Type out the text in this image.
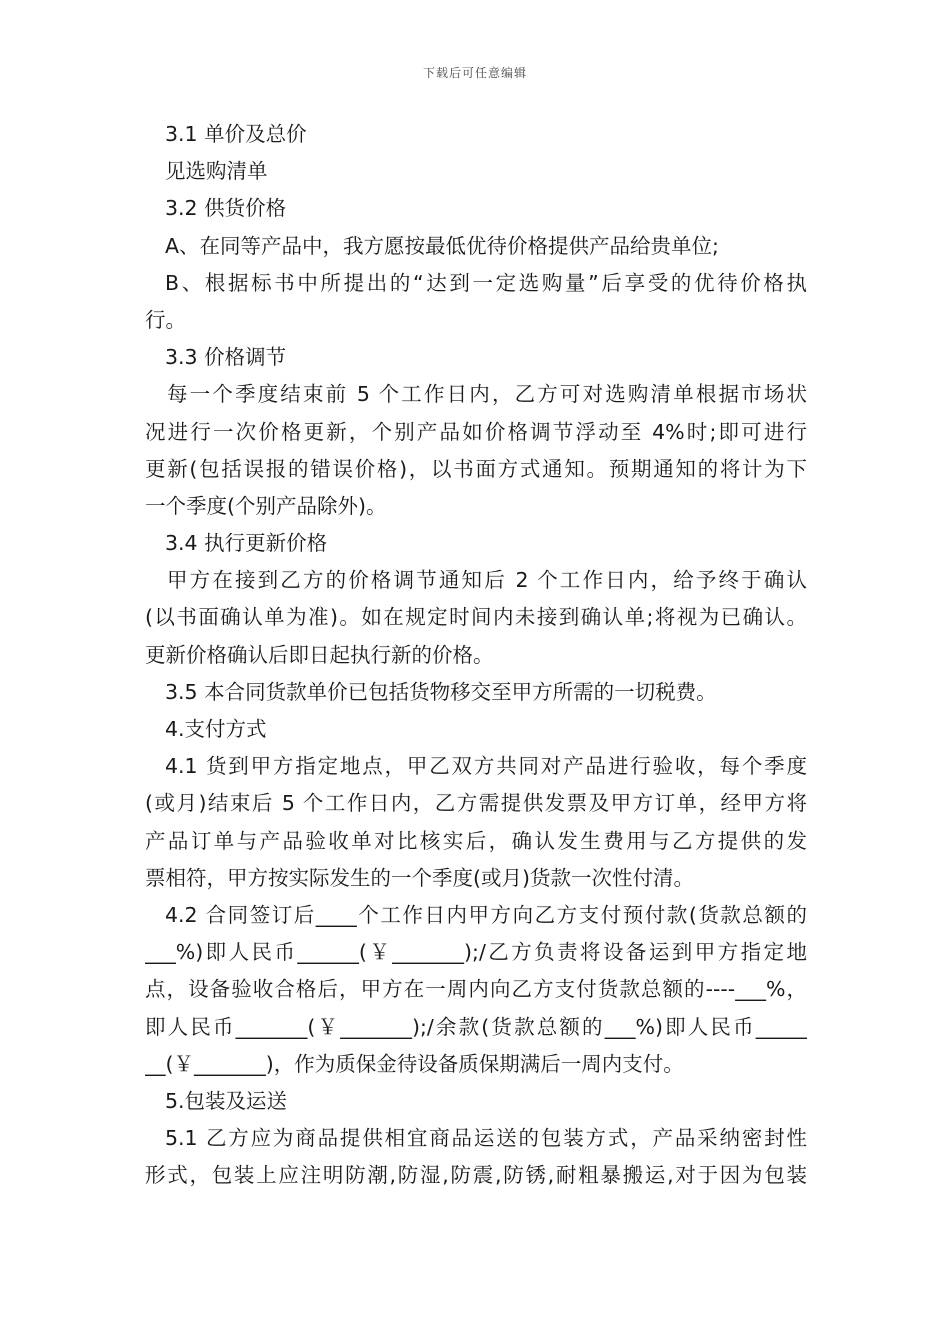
下载后可任意编辑
3.1 单价及总价
见选购清单
3.2 供货价格
A、在同等产品中，我方愿按最低优待价格提供产品给贵单位;
B、根据标书中所提出的“达到一定选购量”后享受的优待价格执
行。
3.3 价格调节
每一个季度结束前 5 个工作日内，乙方可对选购清单根据市场状
况进行一次价格更新，个别产品如价格调节浮动至 4%时;即可进行
更新(包括误报的错误价格)，以书面方式通知。预期通知的将计为下
一个季度(个别产品除外)。
3.4 执行更新价格
甲方在接到乙方的价格调节通知后 2 个工作日内，给予终于确认
(以书面确认单为准)。如在规定时间内未接到确认单;将视为已确认。
更新价格确认后即日起执行新的价格。
3.5 本合同货款单价已包括货物移交至甲方所需的一切税费。
4.支付方式
4.1 货到甲方指定地点，甲乙双方共同对产品进行验收，每个季度
(或月)结束后 5 个工作日内，乙方需提供发票及甲方订单，经甲方将
产品订单与产品验收单对比核实后，确认发生费用与乙方提供的发
票相符，甲方按实际发生的一个季度(或月)货款一次性付清。
4.2 合同签订后____个工作日内甲方向乙方支付预付款(货款总额的
___%)即人民币______(￥_______);/乙方负责将设备运到甲方指定地
点，设备验收合格后，甲方在一周内向乙方支付货款总额的----___%，
即人民币_______(￥_______);/余款(货款总额的___%)即人民币_____
__(￥_______)，作为质保金待设备质保期满后一周内支付。
5.包装及运送
5.1 乙方应为商品提供相宜商品运送的包装方式，产品采纳密封性
形式，包装上应注明防潮,防湿,防震,防锈,耐粗暴搬运,对于因为包装
